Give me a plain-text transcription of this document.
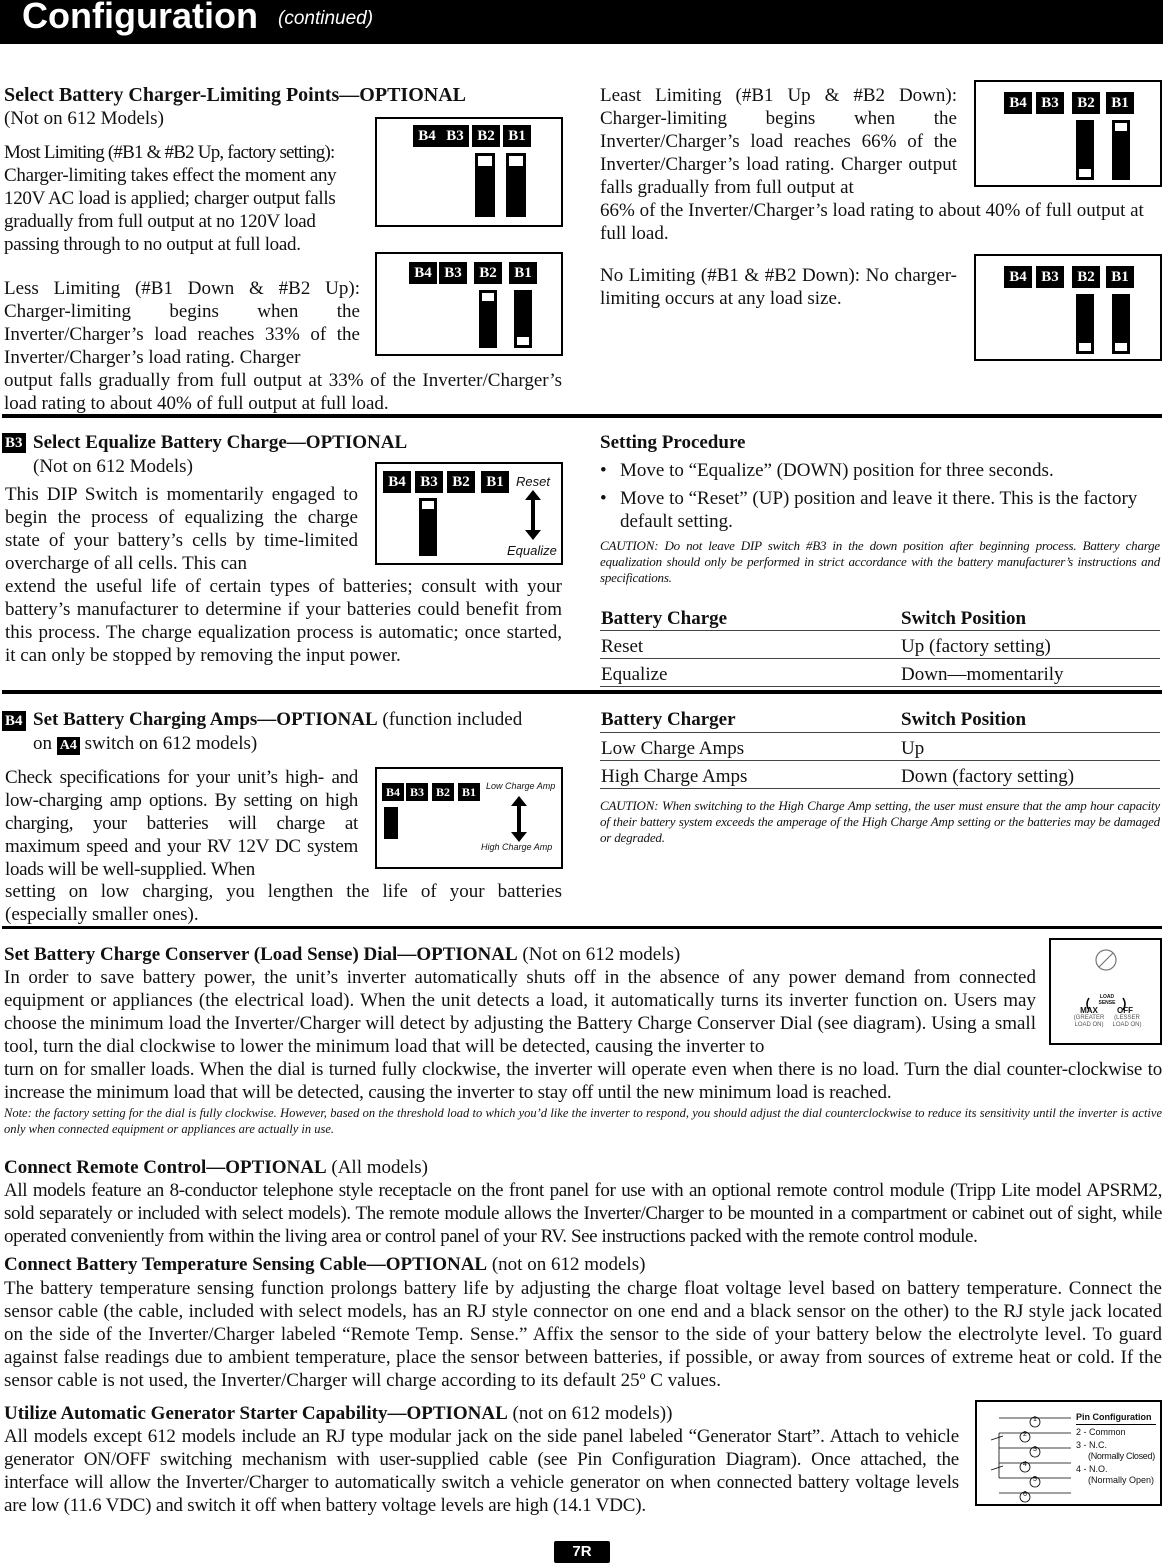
Configuration (continued)
Select Battery Charger-Limiting Points—OPTIONAL
(Not on 612 Models)
Most Limiting (#B1 & #B2 Up, factory setting): Charger-limiting takes effect the moment any 120V AC load is applied; charger output falls gradually from full output at no 120V load passing through to no output at full load.
Less Limiting (#B1 Down & #B2 Up): Charger-limiting begins when the Inverter/Charger’s load reaches 33% of the Inverter/Charger’s load rating. Charger
output falls gradually from full output at 33% of the Inverter/Charger’s load rating to about 40% of full output at full load.
B4 B3 B2 B1
B4 B3	B2	B1
Least Limiting (#B1 Up & #B2 Down): Charger-limiting begins when the Inverter/Charger’s load reaches 66% of the Inverter/Charger’s load rating. Charger output falls gradually from full output at
66% of the Inverter/Charger’s load rating to about 40% of full output at full load.
No Limiting (#B1 & #B2 Down): No charger-limiting occurs at any load size.
B4 B3	B2	B1
B4 B3	B2	B1
B3 Select Equalize Battery Charge—OPTIONAL
(Not on 612 Models)
This DIP Switch is momentarily engaged to begin the process of equalizing the charge state of your battery’s cells by time-limited overcharge of all cells. This can
extend the useful life of certain types of batteries; consult with your battery’s manufacturer to determine if your batteries could benefit from this process. The charge equalization process is automatic; once started, it can only be stopped by removing the input power.
B4 B3 B2	B1 Reset
Equalize
Setting Procedure
• Move to “Equalize” (DOWN) position for three seconds.
• Move to “Reset” (UP) position and leave it there. This is the factory default setting.
CAUTION: Do not leave DIP switch #B3 in the down position after beginning process. Battery charge equalization should only be performed in strict accordance with the battery manufacturer’s instructions and specifications.
Battery Charge	Switch Position
Reset	Up (factory setting)
Equalize	Down—momentarily
B4 Set Battery Charging Amps—OPTIONAL (function included
on A4 switch on 612 models)
Check specifications for your unit’s high- and low-charging amp options. By setting on high charging, your batteries will charge at maximum speed and your RV 12V DC system loads will be well-supplied. When
setting on low charging, you lengthen the life of your batteries (especially smaller ones).
B4 B3 B2 B1	Low Charge Amp
High Charge Amp
Battery Charger	Switch Position
Low Charge Amps	Up
High Charge Amps	Down (factory setting)
CAUTION: When switching to the High Charge Amp setting, the user must ensure that the amp hour capacity of their battery system exceeds the amperage of the High Charge Amp setting or the batteries may be damaged or degraded.
Set Battery Charge Conserver (Load Sense) Dial—OPTIONAL (Not on 612 models)
In order to save battery power, the unit’s inverter automatically shuts off in the absence of any power demand from connected equipment or appliances (the electrical load). When the unit detects a load, it automatically turns its inverter function on. Users may choose the minimum load the Inverter/Charger will detect by adjusting the Battery Charge Conserver Dial (see diagram). Using a small tool, turn the dial clockwise to lower the minimum load that will be detected, causing the inverter to
turn on for smaller loads. When the dial is turned fully clockwise, the inverter will operate even when there is no load. Turn the dial counter-clockwise to increase the minimum load that will be detected, causing the inverter to stay off until the new minimum load is reached.
Note: the factory setting for the dial is fully clockwise. However, based on the threshold load to which you’d like the inverter to respond, you should adjust the dial counterclockwise to reduce its sensitivity until the inverter is active only when connected equipment or appliances are actually in use.
LOAD SENSE
MAX
(GREATER LOAD ON)
OFF
(LESSER LOAD ON)
Connect Remote Control—OPTIONAL (All models)
All models feature an 8-conductor telephone style receptacle on the front panel for use with an optional remote control module (Tripp Lite model APSRM2, sold separately or included with select models). The remote module allows the Inverter/Charger to be mounted in a compartment or cabinet out of sight, while operated conveniently from within the living area or control panel of your RV. See instructions packed with the remote control module.
Connect Battery Temperature Sensing Cable—OPTIONAL (not on 612 models)
The battery temperature sensing function prolongs battery life by adjusting the charge float voltage level based on battery temperature. Connect the sensor cable (the cable, included with select models, has an RJ style connector on one end and a black sensor on the other) to the RJ style jack located on the side of the Inverter/Charger labeled “Remote Temp. Sense.” Affix the sensor to the side of your battery below the electrolyte level. To guard against false readings due to ambient temperature, place the sensor between batteries, if possible, or away from sources of extreme heat or cold. If the sensor cable is not used, the Inverter/Charger will charge according to its default 25º C values.
Utilize Automatic Generator Starter Capability—OPTIONAL (not on 612 models))
All models except 612 models include an RJ type modular jack on the side panel labeled “Generator Start”. Attach to vehicle generator ON/OFF switching mechanism with user-supplied cable (see Pin Configuration Diagram). Once attached, the interface will allow the Inverter/Charger to automatically switch a vehicle generator on when connected battery voltage levels are low (11.6 VDC) and switch it off when battery voltage levels are high (14.1 VDC).
1
2
3
4
5
6
Pin Configuration
2 - Common
3 - N.C.
(Normally Closed)
4 - N.O.
(Normally Open)
7R
